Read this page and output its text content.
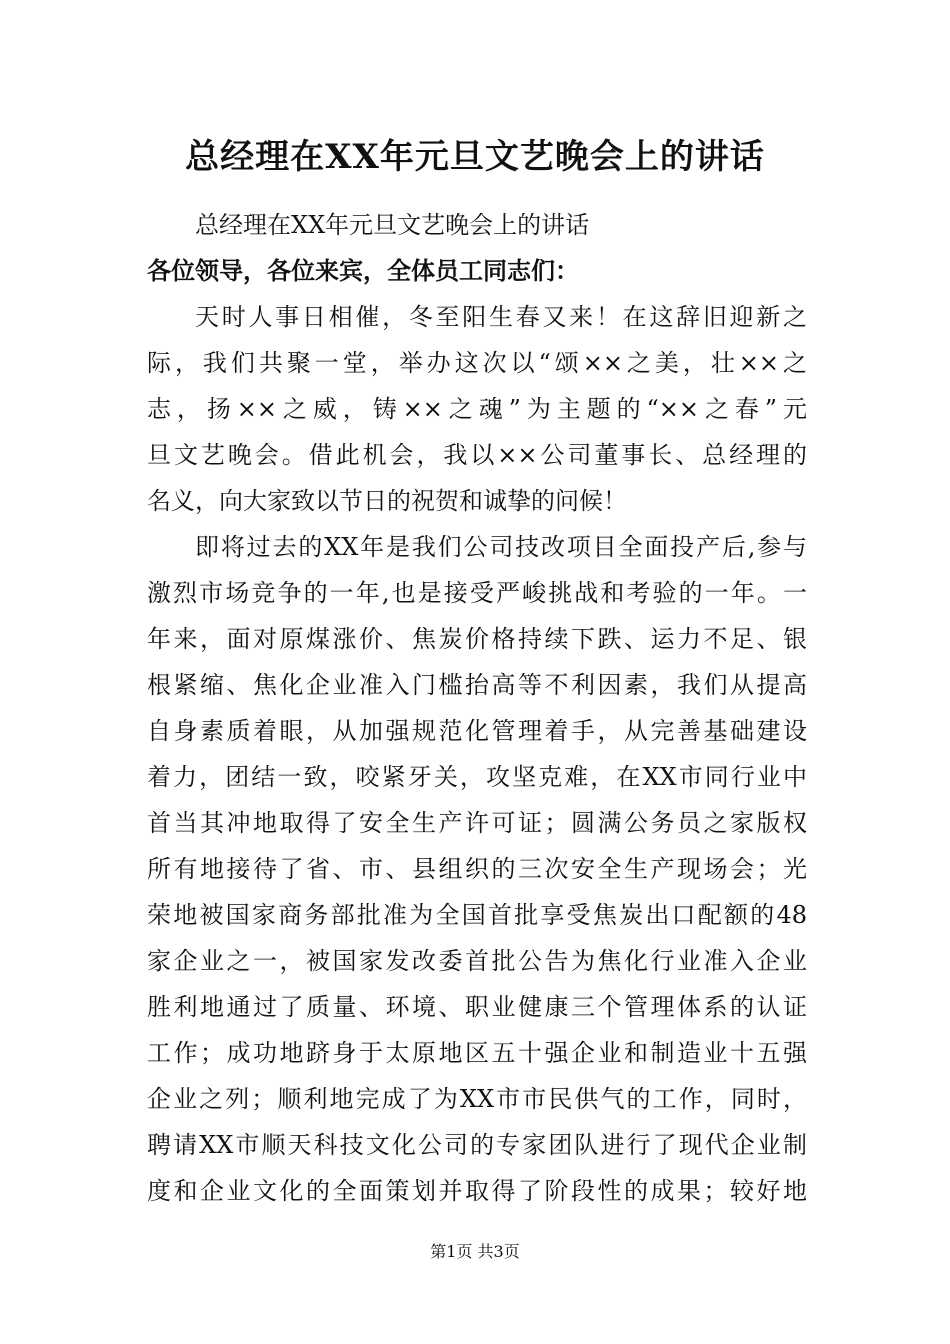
总经理在XX年元旦文艺晚会上的讲话
总经理在XX年元旦文艺晚会上的讲话
各位领导，各位来宾，全体员工同志们：
天时人事日相催，冬至阳生春又来！在这辞旧迎新之
际，我们共聚一堂，举办这次以“颂××之美，壮××之
志，扬××之威，铸××之魂”为主题的“××之春”元
旦文艺晚会。借此机会，我以××公司董事长、总经理的
名义，向大家致以节日的祝贺和诚挚的问候！
即将过去的XX年是我们公司技改项目全面投产后,参与
激烈市场竞争的一年,也是接受严峻挑战和考验的一年。一
年来，面对原煤涨价、焦炭价格持续下跌、运力不足、银
根紧缩、焦化企业准入门槛抬高等不利因素，我们从提高
自身素质着眼，从加强规范化管理着手，从完善基础建设
着力，团结一致，咬紧牙关，攻坚克难，在XX市同行业中
首当其冲地取得了安全生产许可证；圆满公务员之家版权
所有地接待了省、市、县组织的三次安全生产现场会；光
荣地被国家商务部批准为全国首批享受焦炭出口配额的48
家企业之一，被国家发改委首批公告为焦化行业准入企业
胜利地通过了质量、环境、职业健康三个管理体系的认证
工作；成功地跻身于太原地区五十强企业和制造业十五强
企业之列；顺利地完成了为XX市市民供气的工作，同时，
聘请XX市顺天科技文化公司的专家团队进行了现代企业制
度和企业文化的全面策划并取得了阶段性的成果；较好地
第1页 共3页
